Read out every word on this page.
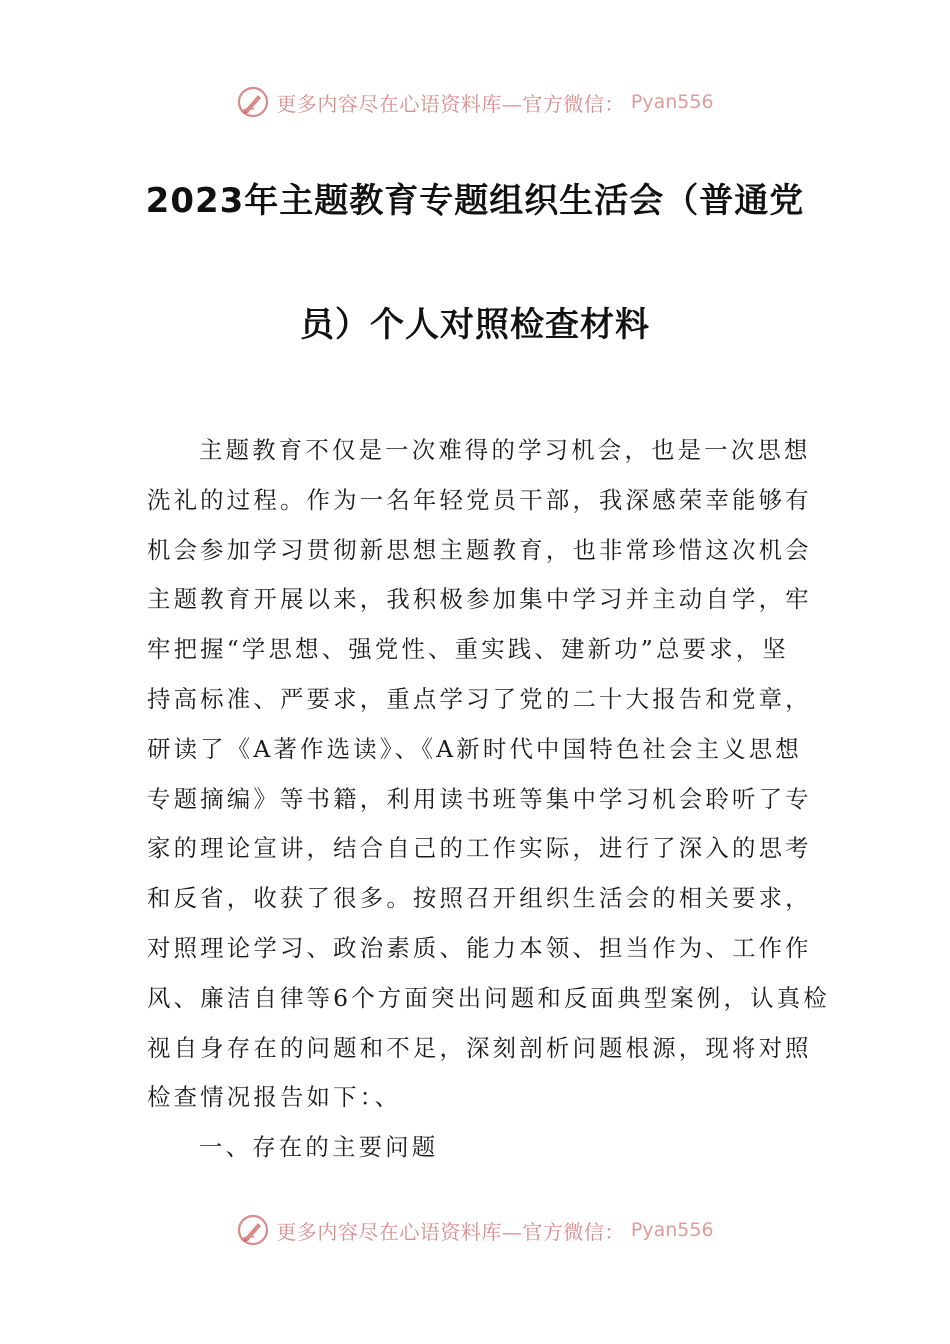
更多内容尽在心语资料库—官方微信： Pyan556
2023年主题教育专题组织生活会（普通党
员）个人对照检查材料
主题教育不仅是一次难得的学习机会，也是一次思想
洗礼的过程。作为一名年轻党员干部，我深感荣幸能够有
机会参加学习贯彻新思想主题教育，也非常珍惜这次机会
主题教育开展以来，我积极参加集中学习并主动自学，牢
牢把握“学思想、强党性、重实践、建新功”总要求，坚
持高标准、严要求，重点学习了党的二十大报告和党章，
研读了《A著作选读》、《A新时代中国特色社会主义思想
专题摘编》等书籍，利用读书班等集中学习机会聆听了专
家的理论宣讲，结合自己的工作实际，进行了深入的思考
和反省，收获了很多。按照召开组织生活会的相关要求，
对照理论学习、政治素质、能力本领、担当作为、工作作
风、廉洁自律等6个方面突出问题和反面典型案例，认真检
视自身存在的问题和不足，深刻剖析问题根源，现将对照
检查情况报告如下：、
一、存在的主要问题
更多内容尽在心语资料库—官方微信： Pyan556
